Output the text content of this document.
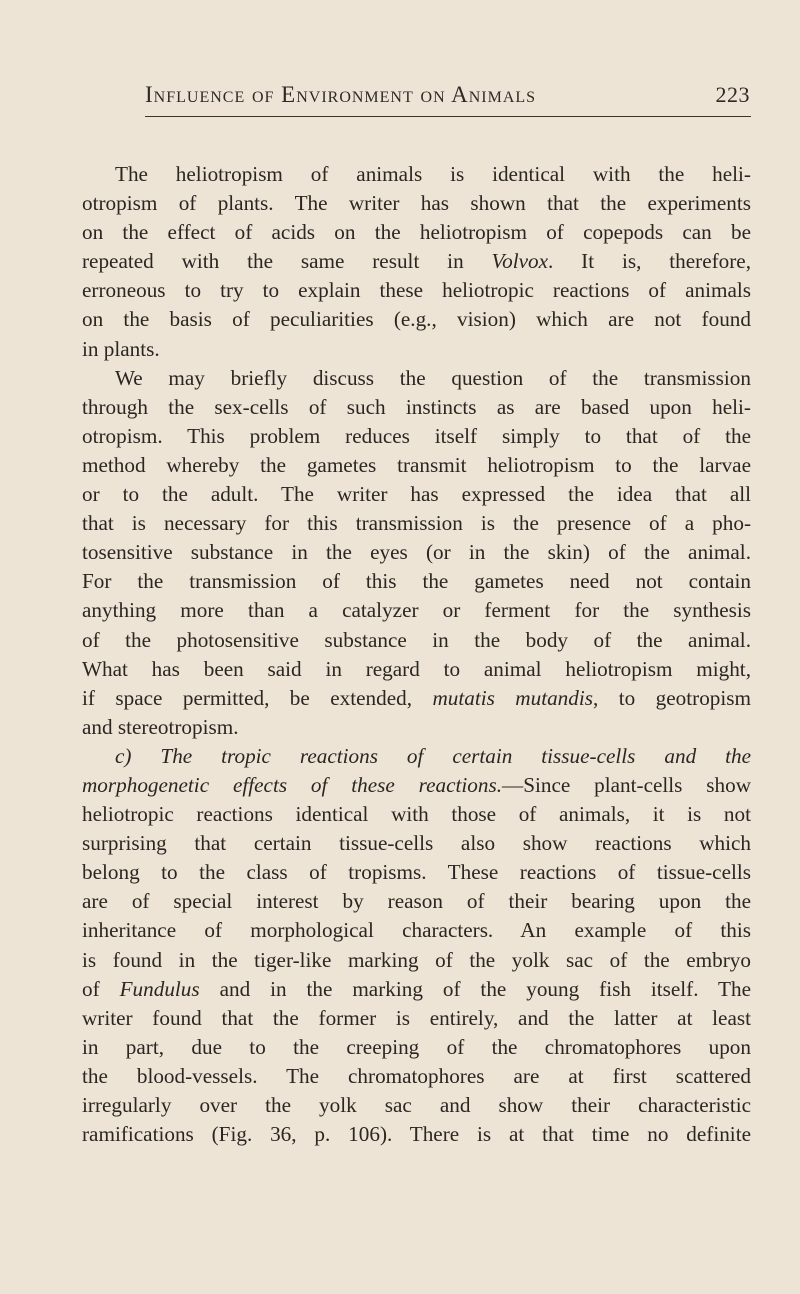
Influence of Environment on Animals	223
The heliotropism of animals is identical with the heli-
otropism of plants. The writer has shown that the experiments
on the effect of acids on the heliotropism of copepods can be
repeated with the same result in Volvox. It is, therefore,
erroneous to try to explain these heliotropic reactions of animals
on the basis of peculiarities (e.g., vision) which are not found
in plants.
We may briefly discuss the question of the transmission
through the sex-cells of such instincts as are based upon heli-
otropism. This problem reduces itself simply to that of the
method whereby the gametes transmit heliotropism to the larvae
or to the adult. The writer has expressed the idea that all
that is necessary for this transmission is the presence of a pho-
tosensitive substance in the eyes (or in the skin) of the animal.
For the transmission of this the gametes need not contain
anything more than a catalyzer or ferment for the synthesis
of the photosensitive substance in the body of the animal.
What has been said in regard to animal heliotropism might,
if space permitted, be extended, mutatis mutandis, to geotropism
and stereotropism.
c) The tropic reactions of certain tissue-cells and the
morphogenetic effects of these reactions.—Since plant-cells show
heliotropic reactions identical with those of animals, it is not
surprising that certain tissue-cells also show reactions which
belong to the class of tropisms. These reactions of tissue-cells
are of special interest by reason of their bearing upon the
inheritance of morphological characters. An example of this
is found in the tiger-like marking of the yolk sac of the embryo
of Fundulus and in the marking of the young fish itself. The
writer found that the former is entirely, and the latter at least
in part, due to the creeping of the chromatophores upon
the blood-vessels. The chromatophores are at first scattered
irregularly over the yolk sac and show their characteristic
ramifications (Fig. 36, p. 106). There is at that time no definite
